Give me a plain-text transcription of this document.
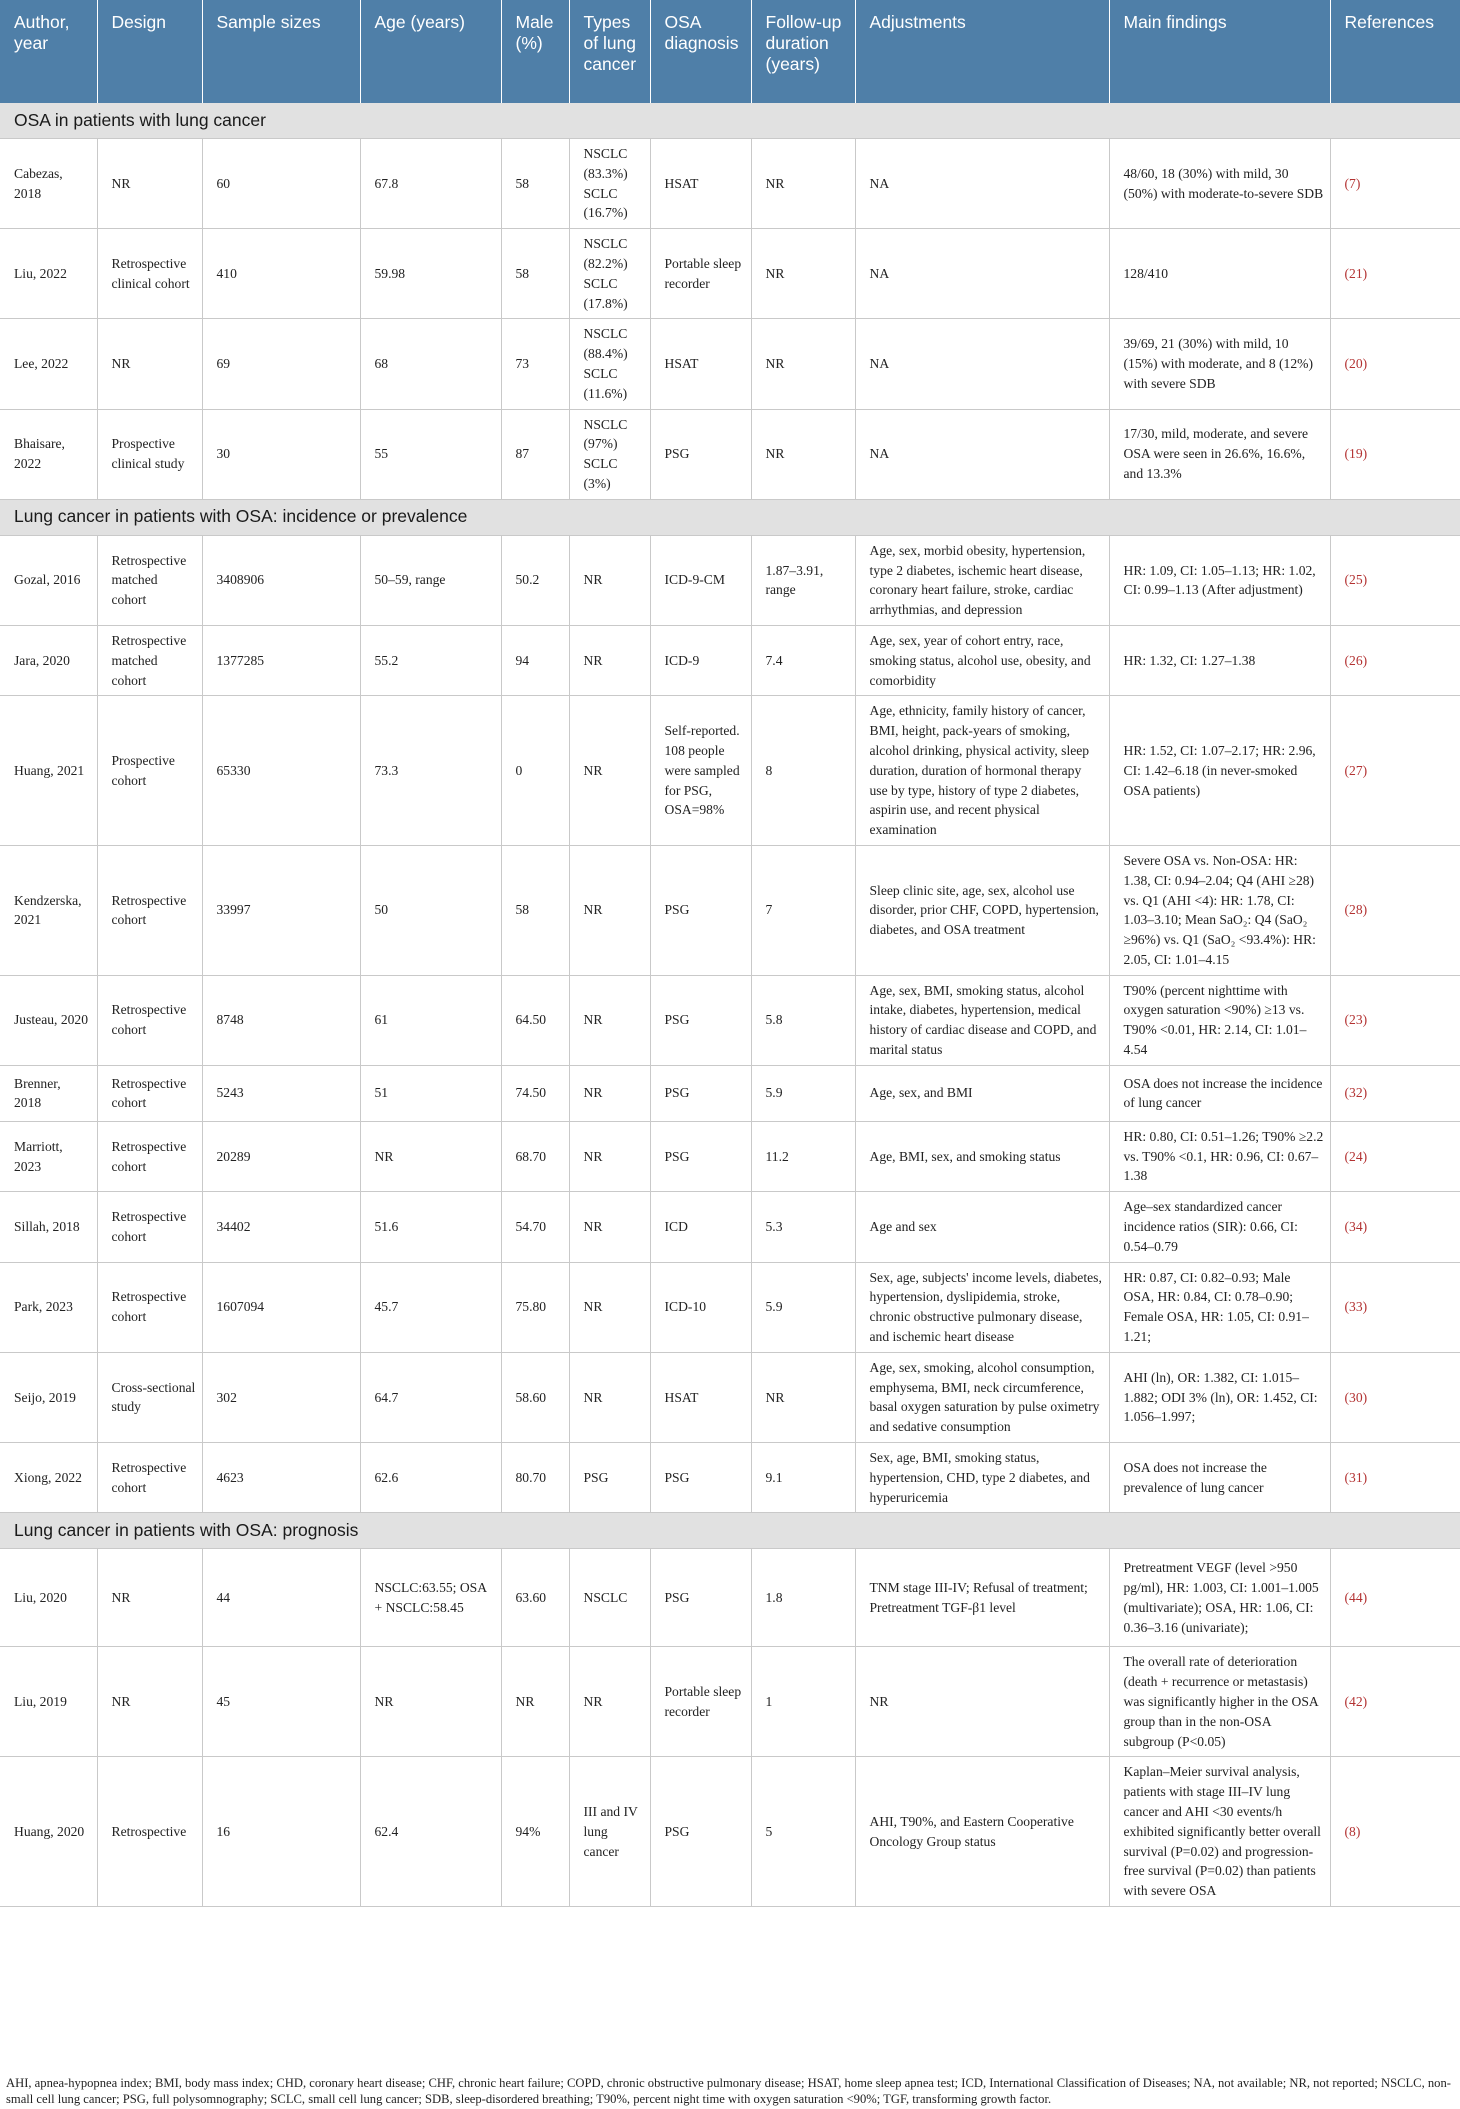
Author, year	Design	Sample sizes	Age (years)	Male (%)	Types of lung cancer	OSA diagnosis	Follow-up duration (years)	Adjustments	Main findings	References
OSA in patients with lung cancer										
Cabezas, 2018	NR	60	67.8	58	NSCLC (83.3%) SCLC (16.7%)	HSAT	NR	NA	48/60, 18 (30%) with mild, 30 (50%) with moderate-to-severe SDB	(7)
Liu, 2022	Retrospective clinical cohort	410	59.98	58	NSCLC (82.2%) SCLC (17.8%)	Portable sleep recorder	NR	NA	128/410	(21)
Lee, 2022	NR	69	68	73	NSCLC (88.4%) SCLC (11.6%)	HSAT	NR	NA	39/69, 21 (30%) with mild, 10 (15%) with moderate, and 8 (12%) with severe SDB	(20)
Bhaisare, 2022	Prospective clinical study	30	55	87	NSCLC (97%) SCLC (3%)	PSG	NR	NA	17/30, mild, moderate, and severe OSA were seen in 26.6%, 16.6%, and 13.3%	(19)
Lung cancer in patients with OSA: incidence or prevalence										
Gozal, 2016	Retrospective matched cohort	3408906	50–59, range	50.2	NR	ICD-9-CM	1.87–3.91, range	Age, sex, morbid obesity, hypertension, type 2 diabetes, ischemic heart disease, coronary heart failure, stroke, cardiac arrhythmias, and depression	HR: 1.09, CI: 1.05–1.13; HR: 1.02, CI: 0.99–1.13 (After adjustment)	(25)
Jara, 2020	Retrospective matched cohort	1377285	55.2	94	NR	ICD-9	7.4	Age, sex, year of cohort entry, race, smoking status, alcohol use, obesity, and comorbidity	HR: 1.32, CI: 1.27–1.38	(26)
Huang, 2021	Prospective cohort	65330	73.3	0	NR	Self-reported. 108 people were sampled for PSG, OSA=98%	8	Age, ethnicity, family history of cancer, BMI, height, pack-years of smoking, alcohol drinking, physical activity, sleep duration, duration of hormonal therapy use by type, history of type 2 diabetes, aspirin use, and recent physical examination	HR: 1.52, CI: 1.07–2.17; HR: 2.96, CI: 1.42–6.18 (in never-smoked OSA patients)	(27)
Kendzerska, 2021	Retrospective cohort	33997	50	58	NR	PSG	7	Sleep clinic site, age, sex, alcohol use disorder, prior CHF, COPD, hypertension, diabetes, and OSA treatment	Severe OSA vs. Non-OSA: HR: 1.38, CI: 0.94–2.04; Q4 (AHI ≥28) vs. Q1 (AHI <4): HR: 1.78, CI: 1.03–3.10; Mean SaO₂: Q4 (SaO₂ ≥96%) vs. Q1 (SaO₂ <93.4%): HR: 2.05, CI: 1.01–4.15	(28)
Justeau, 2020	Retrospective cohort	8748	61	64.50	NR	PSG	5.8	Age, sex, BMI, smoking status, alcohol intake, diabetes, hypertension, medical history of cardiac disease and COPD, and marital status	T90% (percent nighttime with oxygen saturation <90%) ≥13 vs. T90% <0.01, HR: 2.14, CI: 1.01–4.54	(23)
Brenner, 2018	Retrospective cohort	5243	51	74.50	NR	PSG	5.9	Age, sex, and BMI	OSA does not increase the incidence of lung cancer	(32)
Marriott, 2023	Retrospective cohort	20289	NR	68.70	NR	PSG	11.2	Age, BMI, sex, and smoking status	HR: 0.80, CI: 0.51–1.26; T90% ≥2.2 vs. T90% <0.1, HR: 0.96, CI: 0.67–1.38	(24)
Sillah, 2018	Retrospective cohort	34402	51.6	54.70	NR	ICD	5.3	Age and sex	Age–sex standardized cancer incidence ratios (SIR): 0.66, CI: 0.54–0.79	(34)
Park, 2023	Retrospective cohort	1607094	45.7	75.80	NR	ICD-10	5.9	Sex, age, subjects' income levels, diabetes, hypertension, dyslipidemia, stroke, chronic obstructive pulmonary disease, and ischemic heart disease	HR: 0.87, CI: 0.82–0.93; Male OSA, HR: 0.84, CI: 0.78–0.90; Female OSA, HR: 1.05, CI: 0.91–1.21;	(33)
Seijo, 2019	Cross-sectional study	302	64.7	58.60	NR	HSAT	NR	Age, sex, smoking, alcohol consumption, emphysema, BMI, neck circumference, basal oxygen saturation by pulse oximetry and sedative consumption	AHI (ln), OR: 1.382, CI: 1.015–1.882; ODI 3% (ln), OR: 1.452, CI: 1.056–1.997;	(30)
Xiong, 2022	Retrospective cohort	4623	62.6	80.70	PSG	PSG	9.1	Sex, age, BMI, smoking status, hypertension, CHD, type 2 diabetes, and hyperuricemia	OSA does not increase the prevalence of lung cancer	(31)
Lung cancer in patients with OSA: prognosis										
Liu, 2020	NR	44	NSCLC:63.55; OSA + NSCLC:58.45	63.60	NSCLC	PSG	1.8	TNM stage III-IV; Refusal of treatment; Pretreatment TGF-β1 level	Pretreatment VEGF (level >950 pg/ml), HR: 1.003, CI: 1.001–1.005 (multivariate); OSA, HR: 1.06, CI: 0.36–3.16 (univariate);	(44)
Liu, 2019	NR	45	NR	NR	NR	Portable sleep recorder	1	NR	The overall rate of deterioration (death + recurrence or metastasis) was significantly higher in the OSA group than in the non-OSA subgroup (P<0.05)	(42)
Huang, 2020	Retrospective	16	62.4	94%	III and IV lung cancer	PSG	5	AHI, T90%, and Eastern Cooperative Oncology Group status	Kaplan–Meier survival analysis, patients with stage III–IV lung cancer and AHI <30 events/h exhibited significantly better overall survival (P=0.02) and progression-free survival (P=0.02) than patients with severe OSA	(8)
AHI, apnea-hypopnea index; BMI, body mass index; CHD, coronary heart disease; CHF, chronic heart failure; COPD, chronic obstructive pulmonary disease; HSAT, home sleep apnea test; ICD, International Classification of Diseases; NA, not available; NR, not reported; NSCLC, non-small cell lung cancer; PSG, full polysomnography; SCLC, small cell lung cancer; SDB, sleep-disordered breathing; T90%, percent night time with oxygen saturation <90%; TGF, transforming growth factor.
